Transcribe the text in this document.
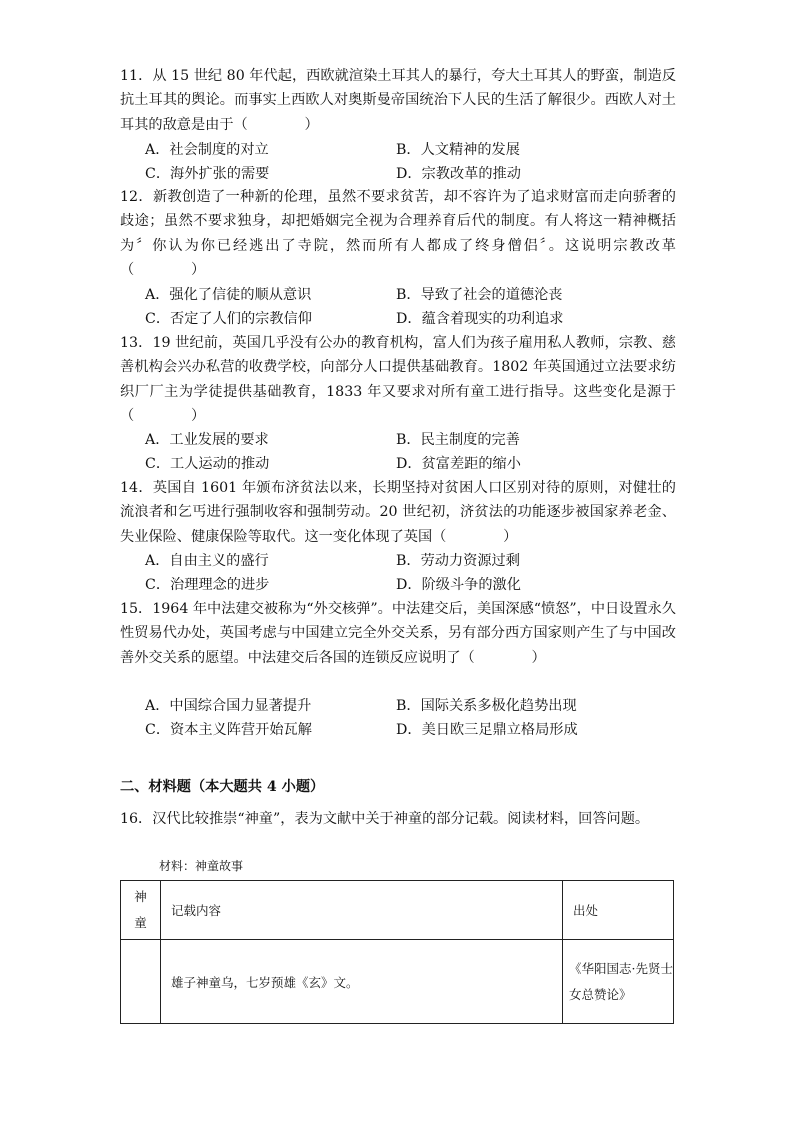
11．从 15 世纪 80 年代起，西欧就渲染土耳其人的暴行，夸大土耳其人的野蛮，制造反抗土耳其的舆论。而事实上西欧人对奥斯曼帝国统治下人民的生活了解很少。西欧人对土耳其的敌意是由于（　　　　）
A．社会制度的对立	B．人文精神的发展
C．海外扩张的需要	D．宗教改革的推动
12．新教创造了一种新的伦理，虽然不要求贫苦，却不容许为了追求财富而走向骄奢的歧途；虽然不要求独身，却把婚姻完全视为合理养育后代的制度。有人将这一精神概括为〞你认为你已经逃出了寺院，然而所有人都成了终身僧侣〞。这说明宗教改革（　　　　）
A．强化了信徒的顺从意识	B．导致了社会的道德沦丧
C．否定了人们的宗教信仰	D．蕴含着现实的功利追求
13．19 世纪前，英国几乎没有公办的教育机构，富人们为孩子雇用私人教师，宗教、慈善机构会兴办私营的收费学校，向部分人口提供基础教育。1802 年英国通过立法要求纺织厂厂主为学徒提供基础教育，1833 年又要求对所有童工进行指导。这些变化是源于（　　　　）
A．工业发展的要求	B．民主制度的完善
C．工人运动的推动	D．贫富差距的缩小
14．英国自 1601 年颁布济贫法以来，长期坚持对贫困人口区别对待的原则，对健壮的流浪者和乞丐进行强制收容和强制劳动。20 世纪初，济贫法的功能逐步被国家养老金、失业保险、健康保险等取代。这一变化体现了英国（　　　　）
A．自由主义的盛行	B．劳动力资源过剩
C．治理理念的进步	D．阶级斗争的激化
15．1964 年中法建交被称为“外交核弹”。中法建交后，美国深感“愤怒”，中日设置永久性贸易代办处，英国考虑与中国建立完全外交关系，另有部分西方国家则产生了与中国改善外交关系的愿望。中法建交后各国的连锁反应说明了（　　　　）
A．中国综合国力显著提升	B．国际关系多极化趋势出现
C．资本主义阵营开始瓦解	D．美日欧三足鼎立格局形成
二、材料题（本大题共 4 小题）
16．汉代比较推崇“神童”，表为文献中关于神童的部分记载。阅读材料，回答问题。
材料：神童故事
神童	记载内容	出处
	雄子神童乌，七岁预雄《玄》文。	《华阳国志·先贤士女总赞论》
